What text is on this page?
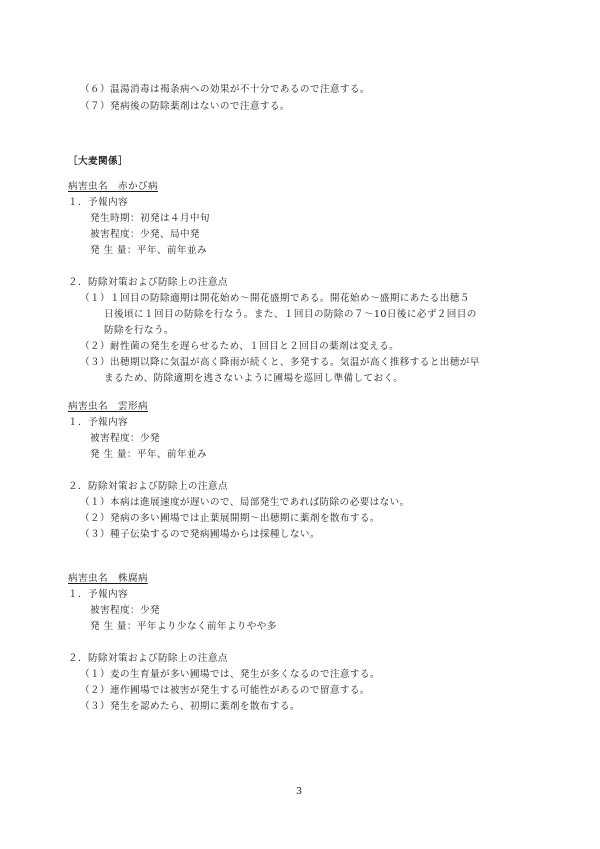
（６）温湯消毒は褐条病への効果が不十分であるので注意する。
（７）発病後の防除薬剤はないので注意する。
［大麦関係］
病害虫名　赤かび病
１．予報内容
発生時期：初発は４月中旬
被害程度：少発、局中発
発 生 量：平年、前年並み
２．防除対策および防除上の注意点
（１）１回目の防除適期は開花始め～開花盛期である。開花始め～盛期にあたる出穂５
日後頃に１回目の防除を行なう。また、１回目の防除の７～10日後に必ず２回目の
防除を行なう。
（２）耐性菌の発生を遅らせるため、１回目と２回目の薬剤は変える。
（３）出穂期以降に気温が高く降雨が続くと、多発する。気温が高く推移すると出穂が早
まるため、防除適期を逃さないように圃場を巡回し準備しておく。
病害虫名　雲形病
１．予報内容
被害程度：少発
発 生 量：平年、前年並み
２．防除対策および防除上の注意点
（１）本病は進展速度が遅いので、局部発生であれば防除の必要はない。
（２）発病の多い圃場では止葉展開期～出穂期に薬剤を散布する。
（３）種子伝染するので発病圃場からは採種しない。
病害虫名　株腐病
１．予報内容
被害程度：少発
発 生 量：平年より少なく前年よりやや多
２．防除対策および防除上の注意点
（１）麦の生育量が多い圃場では、発生が多くなるので注意する。
（２）連作圃場では被害が発生する可能性があるので留意する。
（３）発生を認めたら、初期に薬剤を散布する。
3
